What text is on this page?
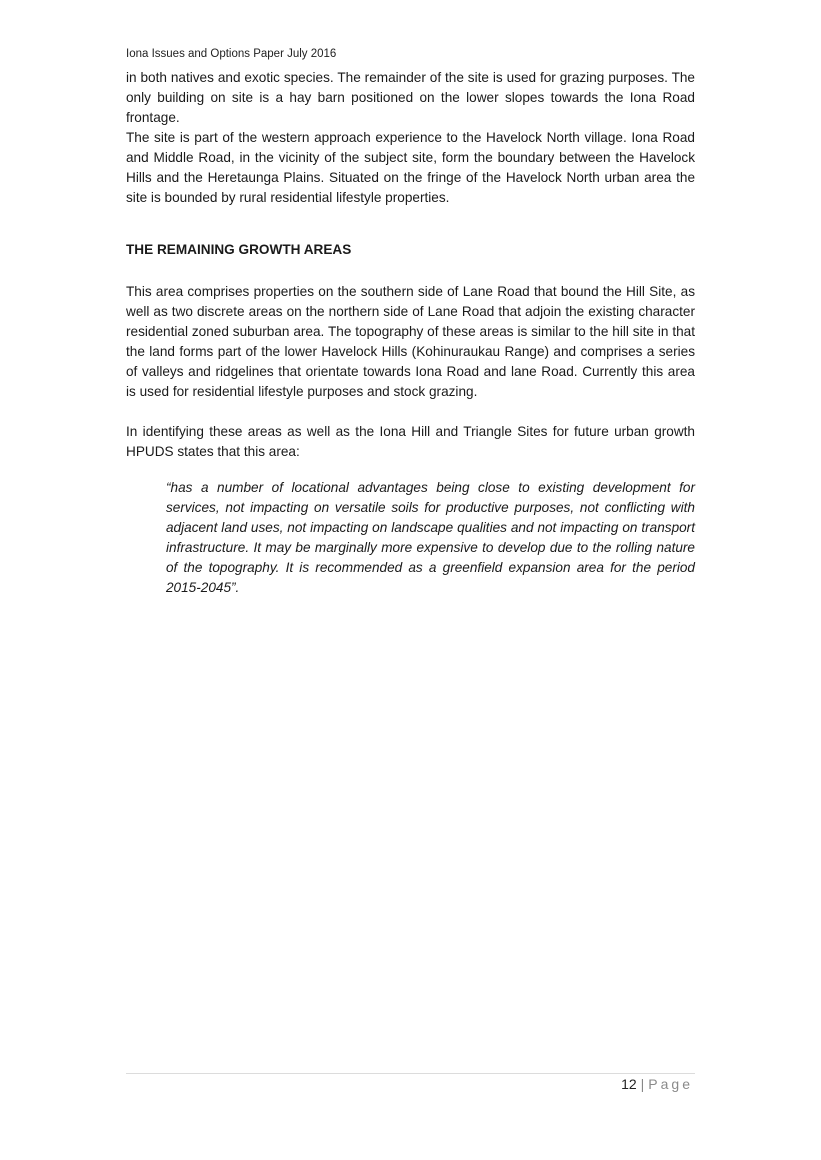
Iona Issues and Options Paper July 2016

in both natives and exotic species. The remainder of the site is used for grazing purposes. The only building on site is a hay barn positioned on the lower slopes towards the Iona Road frontage.

The site is part of the western approach experience to the Havelock North village. Iona Road and Middle Road, in the vicinity of the subject site, form the boundary between the Havelock Hills and the Heretaunga Plains. Situated on the fringe of the Havelock North urban area the site is bounded by rural residential lifestyle properties.

THE REMAINING GROWTH AREAS

This area comprises properties on the southern side of Lane Road that bound the Hill Site, as well as two discrete areas on the northern side of Lane Road that adjoin the existing character residential zoned suburban area. The topography of these areas is similar to the hill site in that the land forms part of the lower Havelock Hills (Kohinuraukau Range) and comprises a series of valleys and ridgelines that orientate towards Iona Road and lane Road. Currently this area is used for residential lifestyle purposes and stock grazing.

In identifying these areas as well as the Iona Hill and Triangle Sites for future urban growth HPUDS states that this area:

“has a number of locational advantages being close to existing development for services, not impacting on versatile soils for productive purposes, not conflicting with adjacent land uses, not impacting on landscape qualities and not impacting on transport infrastructure. It may be marginally more expensive to develop due to the rolling nature of the topography. It is recommended as a greenfield expansion area for the period 2015-2045”.
12 | Page
